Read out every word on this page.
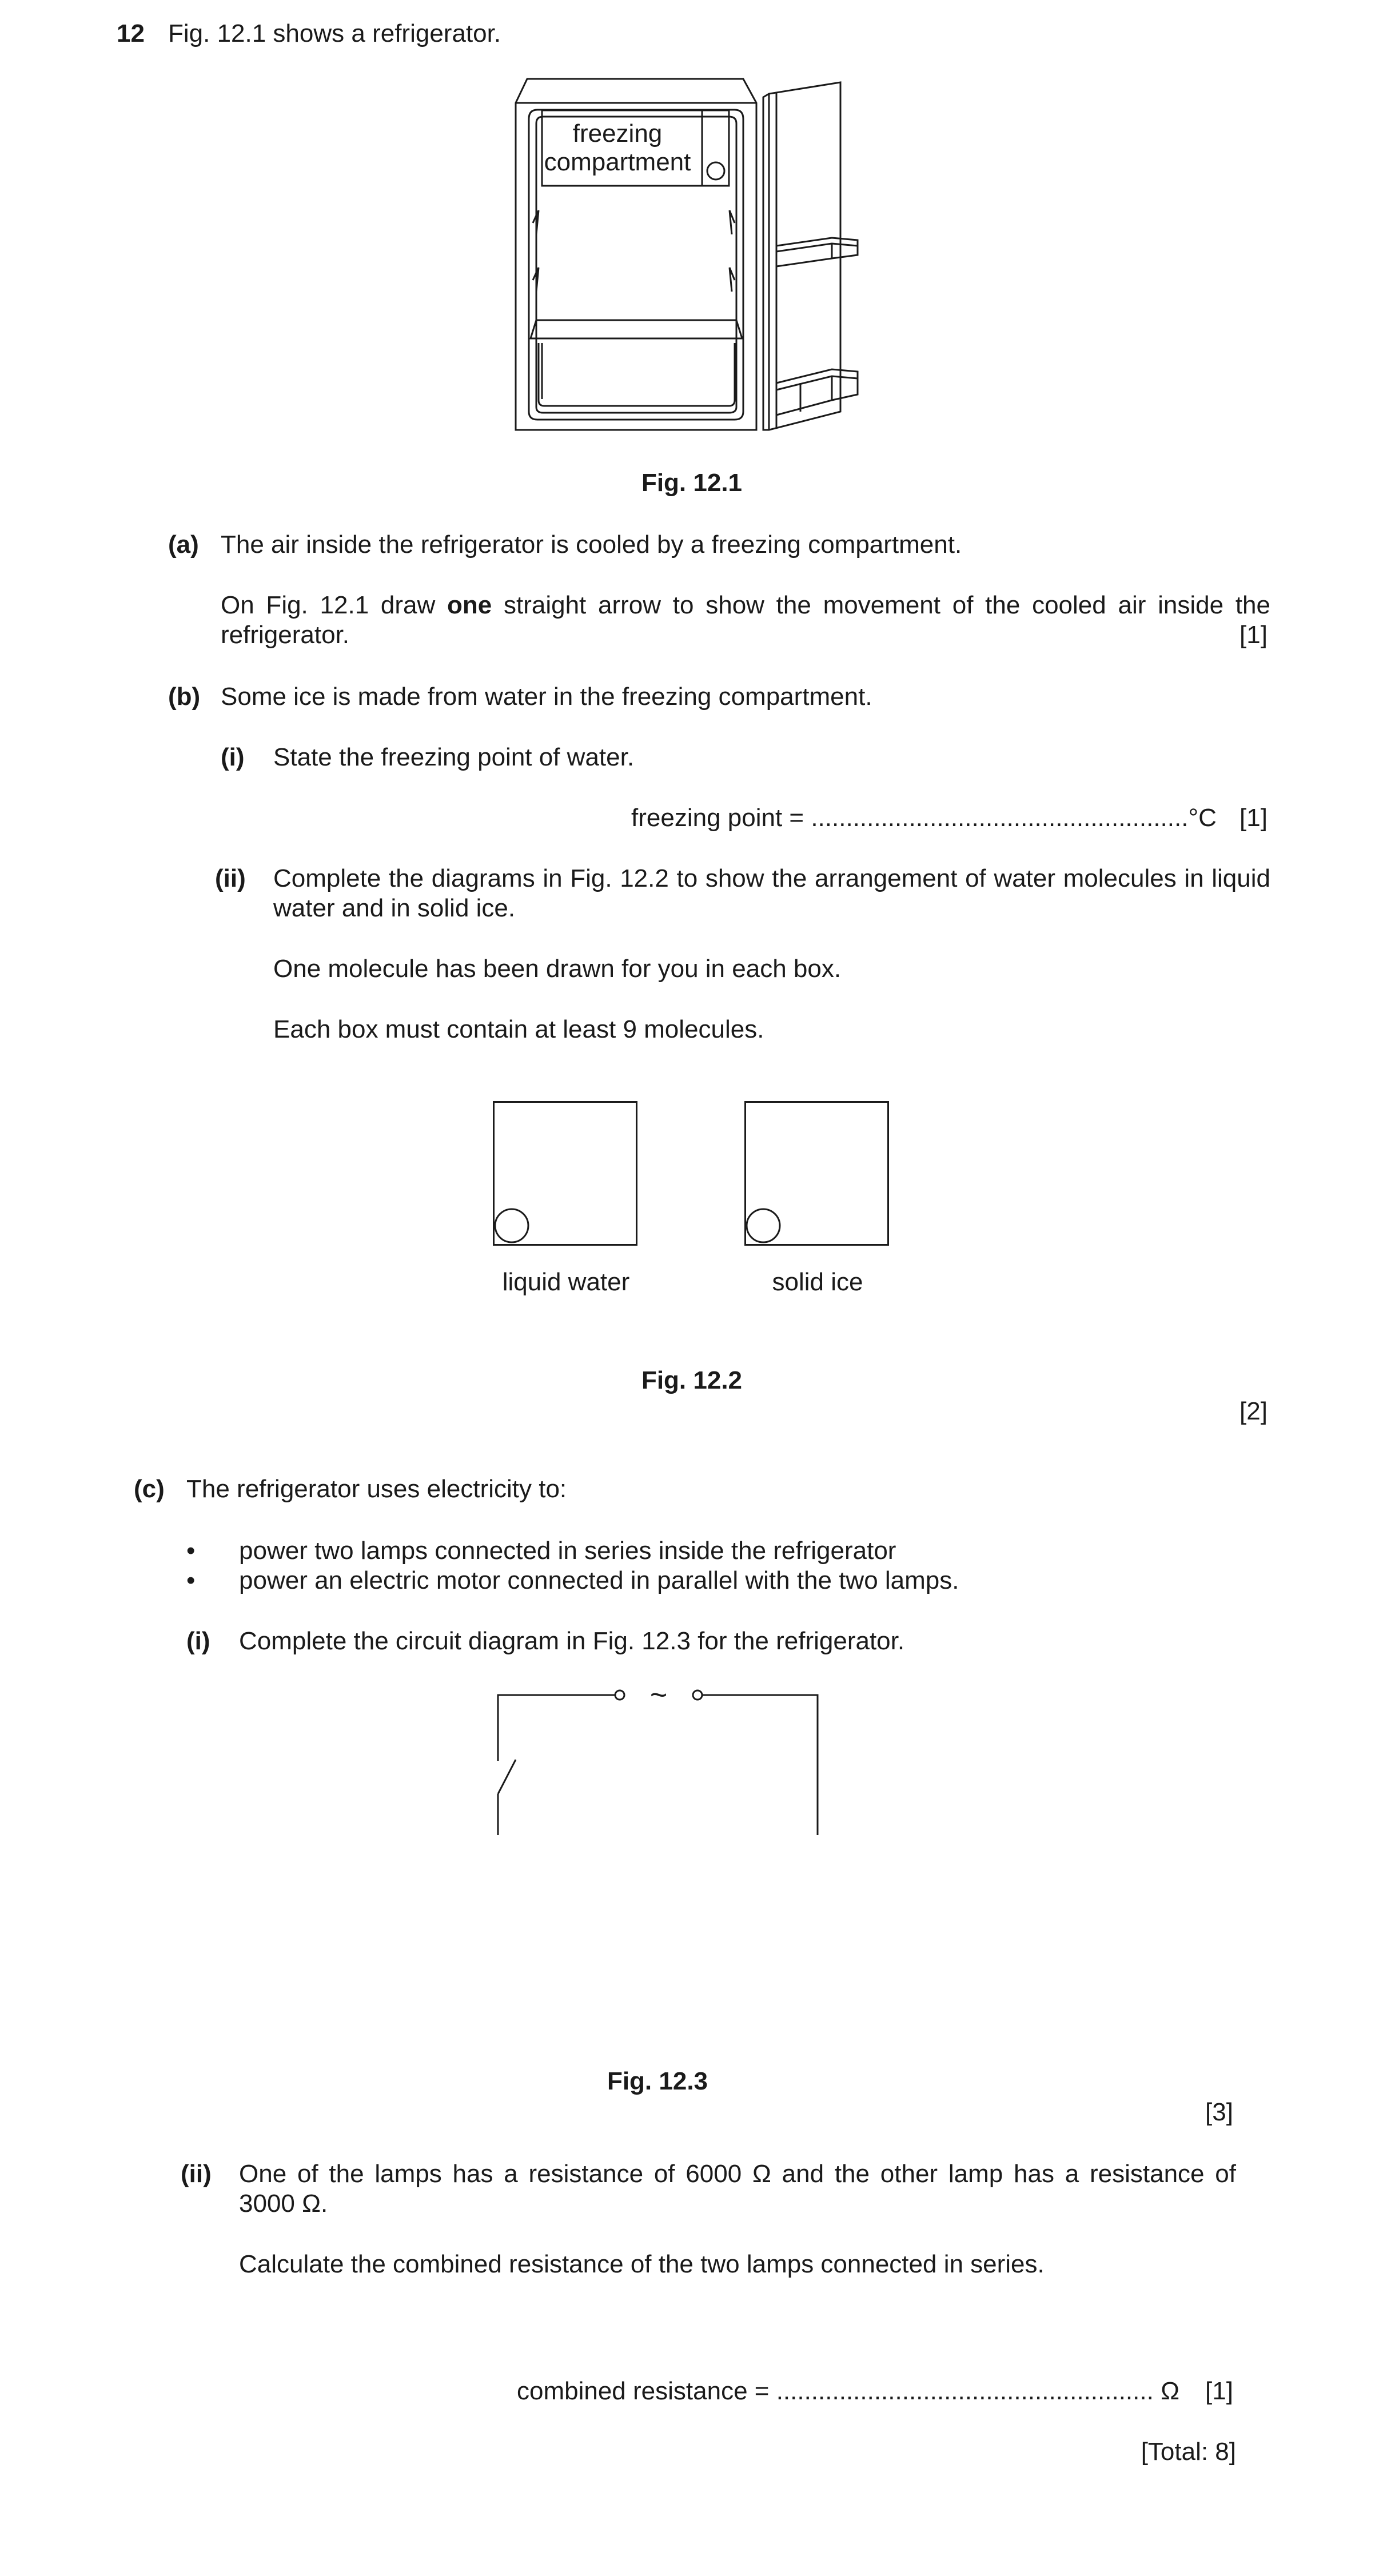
12 Fig. 12.1 shows a refrigerator.
freezing
compartment
Fig. 12.1
(a) The air inside the refrigerator is cooled by a freezing compartment.
On Fig. 12.1 draw one straight arrow to show the movement of the cooled air inside the
refrigerator.	[1]
(b) Some ice is made from water in the freezing compartment.
(i) State the freezing point of water.
freezing point = ......................................................°C [1]
(ii) Complete the diagrams in Fig. 12.2 to show the arrangement of water molecules in liquid
water and in solid ice.
One molecule has been drawn for you in each box.
Each box must contain at least 9 molecules.
liquid water	solid ice
Fig. 12.2
[2]
(c) The refrigerator uses electricity to:
• power two lamps connected in series inside the refrigerator
• power an electric motor connected in parallel with the two lamps.
(i) Complete the circuit diagram in Fig. 12.3 for the refrigerator.
~
Fig. 12.3
[3]
(ii) One of the lamps has a resistance of 6000 Ω and the other lamp has a resistance of
3000 Ω.
Calculate the combined resistance of the two lamps connected in series.
combined resistance = ...................................................... Ω [1]
[Total: 8]
